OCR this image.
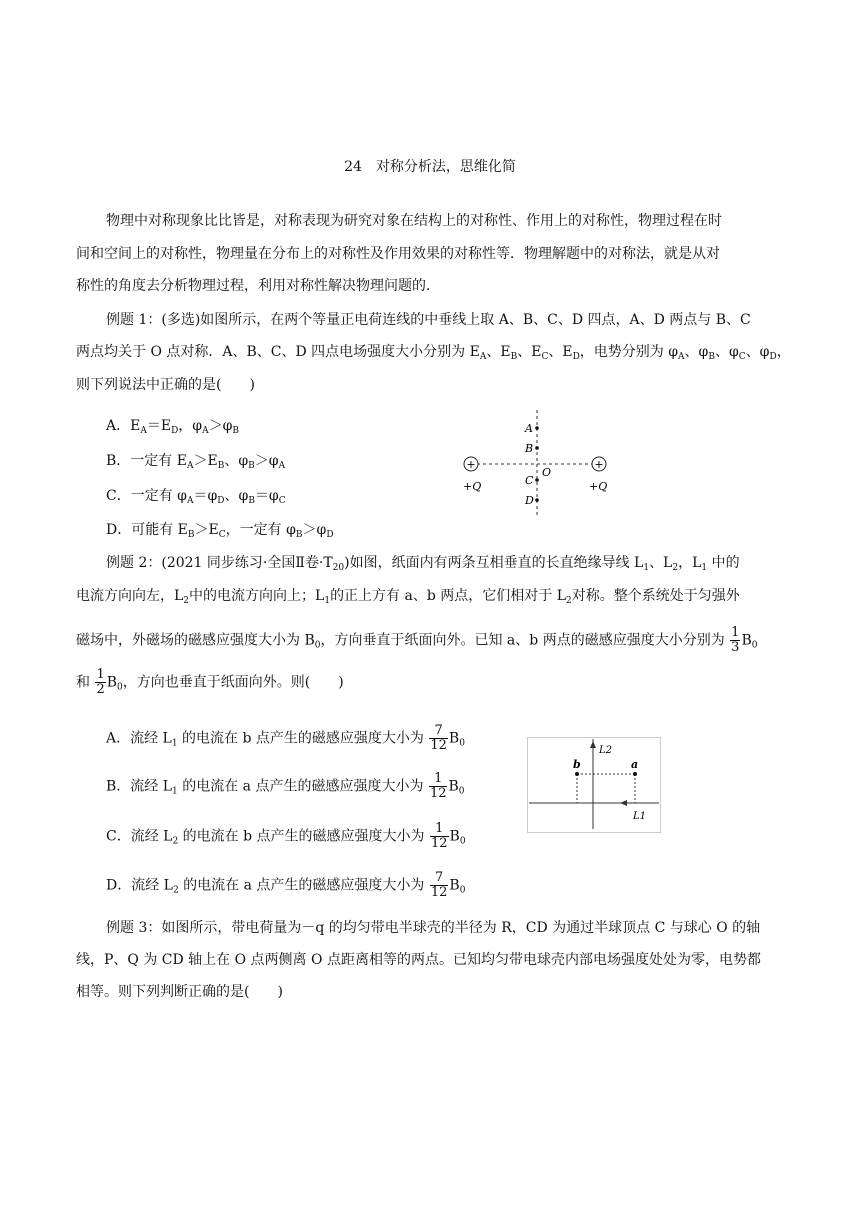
24　对称分析法，思维化简
物理中对称现象比比皆是，对称表现为研究对象在结构上的对称性、作用上的对称性，物理过程在时
间和空间上的对称性，物理量在分布上的对称性及作用效果的对称性等．物理解题中的对称法，就是从对
称性的角度去分析物理过程，利用对称性解决物理问题的．
例题 1：(多选)如图所示，在两个等量正电荷连线的中垂线上取 A、B、C、D 四点，A、D 两点与 B、C
两点均关于 O 点对称．A、B、C、D 四点电场强度大小分别为 $E_A$、$E_B$、$E_C$、$E_D$，电势分别为 $\varphi_A$、$\varphi_B$、$\varphi_C$、$\varphi_D$，
则下列说法中正确的是(　　)
A．$E_A=E_D$，$\varphi_A>\varphi_B$
B．一定有 $E_A>E_B$、$\varphi_B>\varphi_A$
C．一定有 $\varphi_A=\varphi_D$、$\varphi_B=\varphi_C$
D．可能有 $E_B>E_C$，一定有 $\varphi_B>\varphi_D$
+	+
A
B
C
D
O
+Q	+Q
例题 2：(2021 同步练习·全国Ⅱ卷$\cdot T_{20}$)如图，纸面内有两条互相垂直的长直绝缘导线 $L_1$、$L_2$，$L_1$ 中的
电流方向向左，$L_2$中的电流方向向上；$L_1$的正上方有 a、b 两点，它们相对于 $L_2$对称。整个系统处于匀强外
磁场中，外磁场的磁感应强度大小为 $B_0$，方向垂直于纸面向外。已知 a、b 两点的磁感应强度大小分别为 $\frac{1}{3} B_0$
和 $\frac{1}{2} B_0$，方向也垂直于纸面向外。则(　　)
A．流经 $L_1$ 的电流在 b 点产生的磁感应强度大小为 $\frac{7}{12} B_0$
B．流经 $L_1$ 的电流在 a 点产生的磁感应强度大小为 $\frac{1}{12} B_0$
C．流经 $L_2$ 的电流在 b 点产生的磁感应强度大小为 $\frac{1}{12} B_0$
D．流经 $L_2$ 的电流在 a 点产生的磁感应强度大小为 $\frac{7}{12} B_0$
b	a
L2
L1
例题 3：如图所示，带电荷量为－q 的均匀带电半球壳的半径为 R，CD 为通过半球顶点 C 与球心 O 的轴
线，P、Q 为 CD 轴上在 O 点两侧离 O 点距离相等的两点。已知均匀带电球壳内部电场强度处处为零，电势都
相等。则下列判断正确的是(　　)
